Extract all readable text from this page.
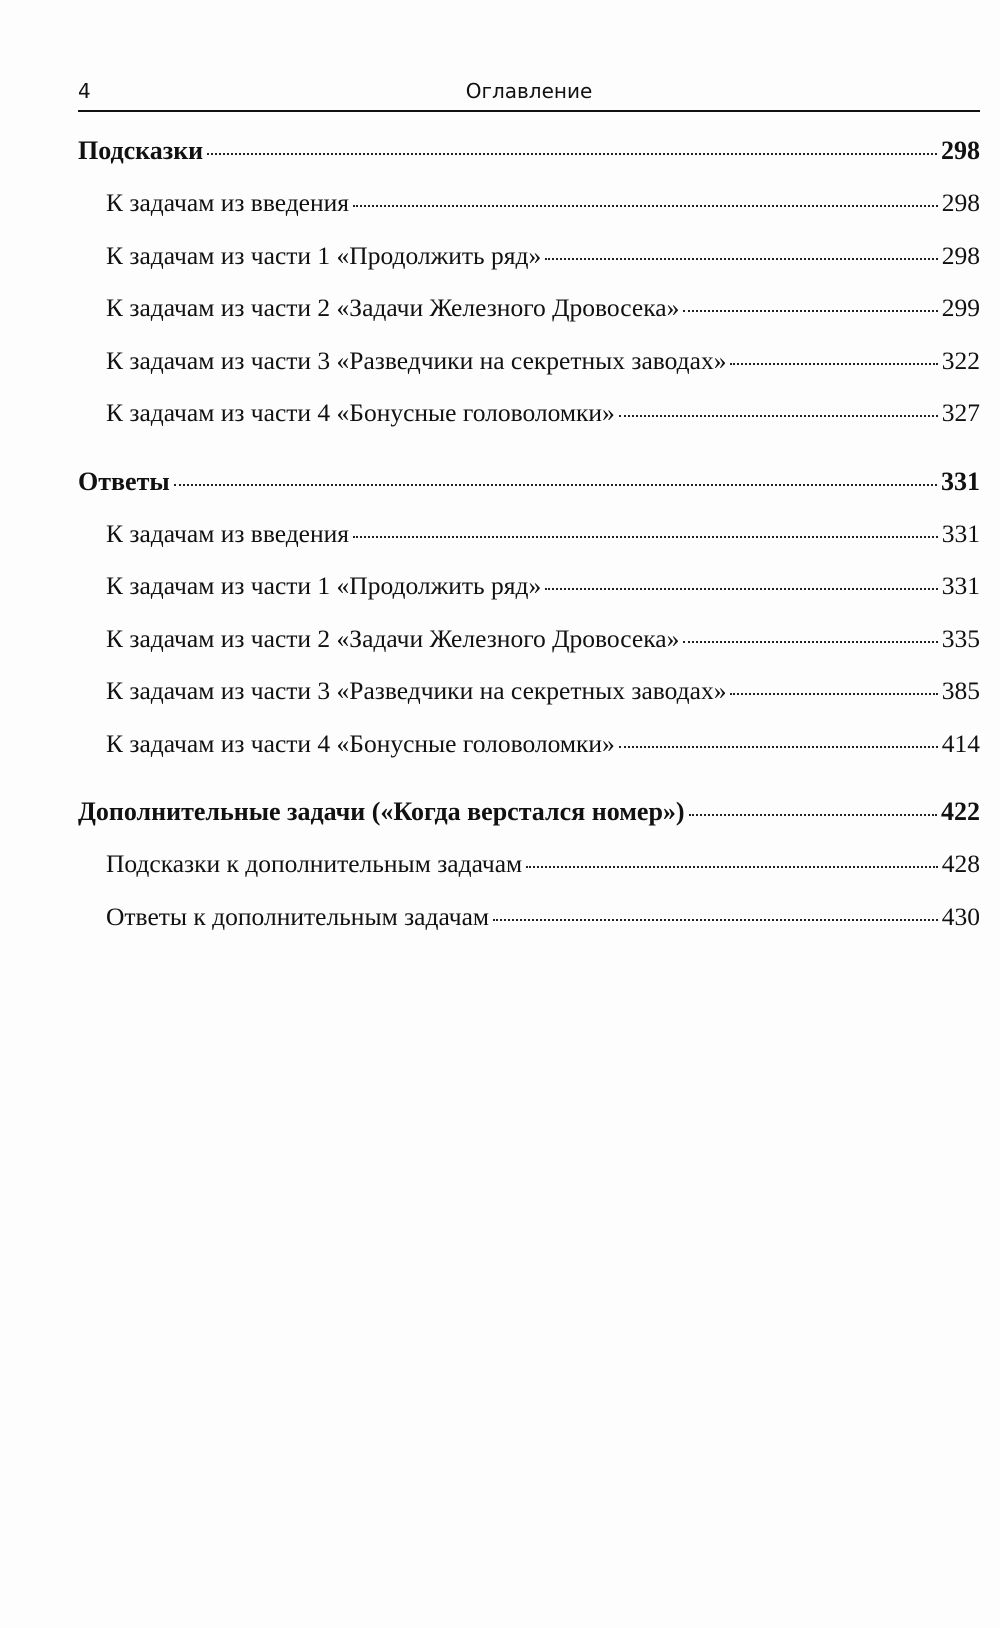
4	Оглавление
Подсказки	298
К задачам из введения	298
К задачам из части 1 «Продолжить ряд»	298
К задачам из части 2 «Задачи Железного Дровосека»	299
К задачам из части 3 «Разведчики на секретных заводах»	322
К задачам из части 4 «Бонусные головоломки»	327
Ответы	331
К задачам из введения	331
К задачам из части 1 «Продолжить ряд»	331
К задачам из части 2 «Задачи Железного Дровосека»	335
К задачам из части 3 «Разведчики на секретных заводах»	385
К задачам из части 4 «Бонусные головоломки»	414
Дополнительные задачи («Когда верстался номер»)	422
Подсказки к дополнительным задачам	428
Ответы к дополнительным задачам	430
